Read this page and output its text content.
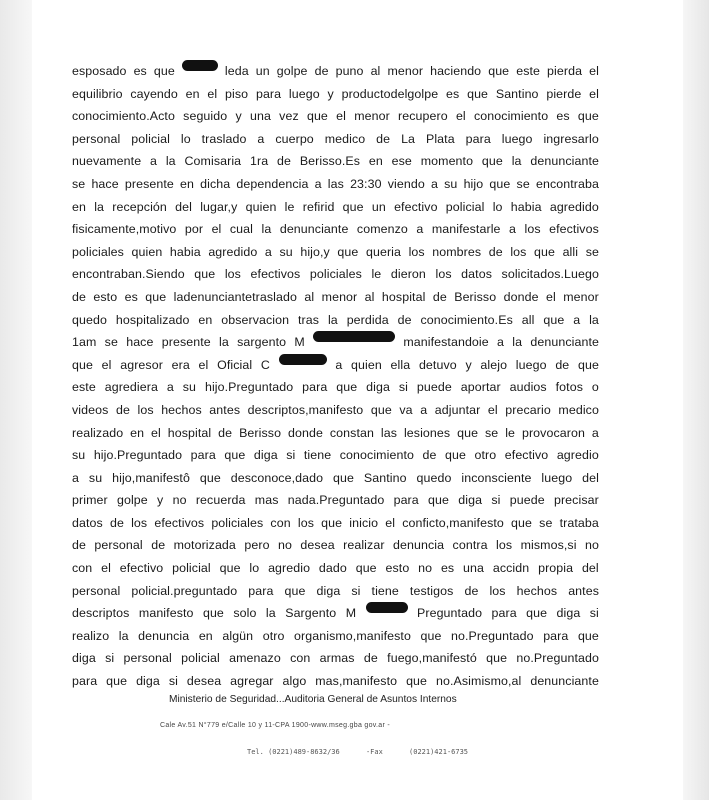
esposado es que	leda un golpe de puno al menor haciendo que este pierda el
equilibrio cayendo en el piso para luego y productodelgolpe es que Santino pierde el
conocimiento.Acto seguido y una vez que el menor recupero el conocimiento es que
personal policial lo traslado a cuerpo medico de La Plata para luego ingresarlo
nuevamente a la Comisaria 1ra de Berisso.Es en ese momento que la denunciante
se hace presente en dicha dependencia a las 23:30 viendo a su hijo que se encontraba
en la recepción del lugar,y quien le refirid que un efectivo policial lo habia agredido
fisicamente,motivo por el cual la denunciante comenzo a manifestarle a los efectivos
policiales quien habia agredido a su hijo,y que queria los nombres de los que alli se
encontraban.Siendo que los efectivos policiales le dieron los datos solicitados.Luego
de esto es que ladenunciantetraslado al menor al hospital de Berisso donde el menor
quedo hospitalizado en observacion tras la perdida de conocimiento.Es all que a la
1am se hace presente la sargento M	manifestandoie a la denunciante
que el agresor era el Oficial C	a quien ella detuvo y alejo luego de que
este agrediera a su hijo.Preguntado para que diga si puede aportar audios fotos o
videos de los hechos antes descriptos,manifesto que va a adjuntar el precario medico
realizado en el hospital de Berisso donde constan las lesiones que se le provocaron a
su hijo.Preguntado para que diga si tiene conocimiento de que otro efectivo agredio
a su hijo,manifestô que desconoce,dado que Santino quedo inconsciente luego del
primer golpe y no recuerda mas nada.Preguntado para que diga si puede precisar
datos de los efectivos policiales con los que inicio el conficto,manifesto que se trataba
de personal de motorizada pero no desea realizar denuncia contra los mismos,si no
con el efectivo policial que lo agredio dado que esto no es una accidn propia del
personal policial.preguntado para que diga si tiene testigos de los hechos antes
descriptos manifesto que solo la Sargento M	Preguntado para que diga si
realizo la denuncia en algün otro organismo,manifesto que no.Preguntado para que
diga si personal policial amenazo con armas de fuego,manifestó que no.Preguntado
para que diga si desea agregar algo mas,manifesto que no.Asimismo,al denunciante
Ministerio de Seguridad...Auditoria General de Asuntos Internos
Cale Av.51 N°779 e/Calle 10 y 11-CPA 1900-www.mseg.gba gov.ar -
Tel. (0221)489-8632/36	-Fax	(0221)421-6735
